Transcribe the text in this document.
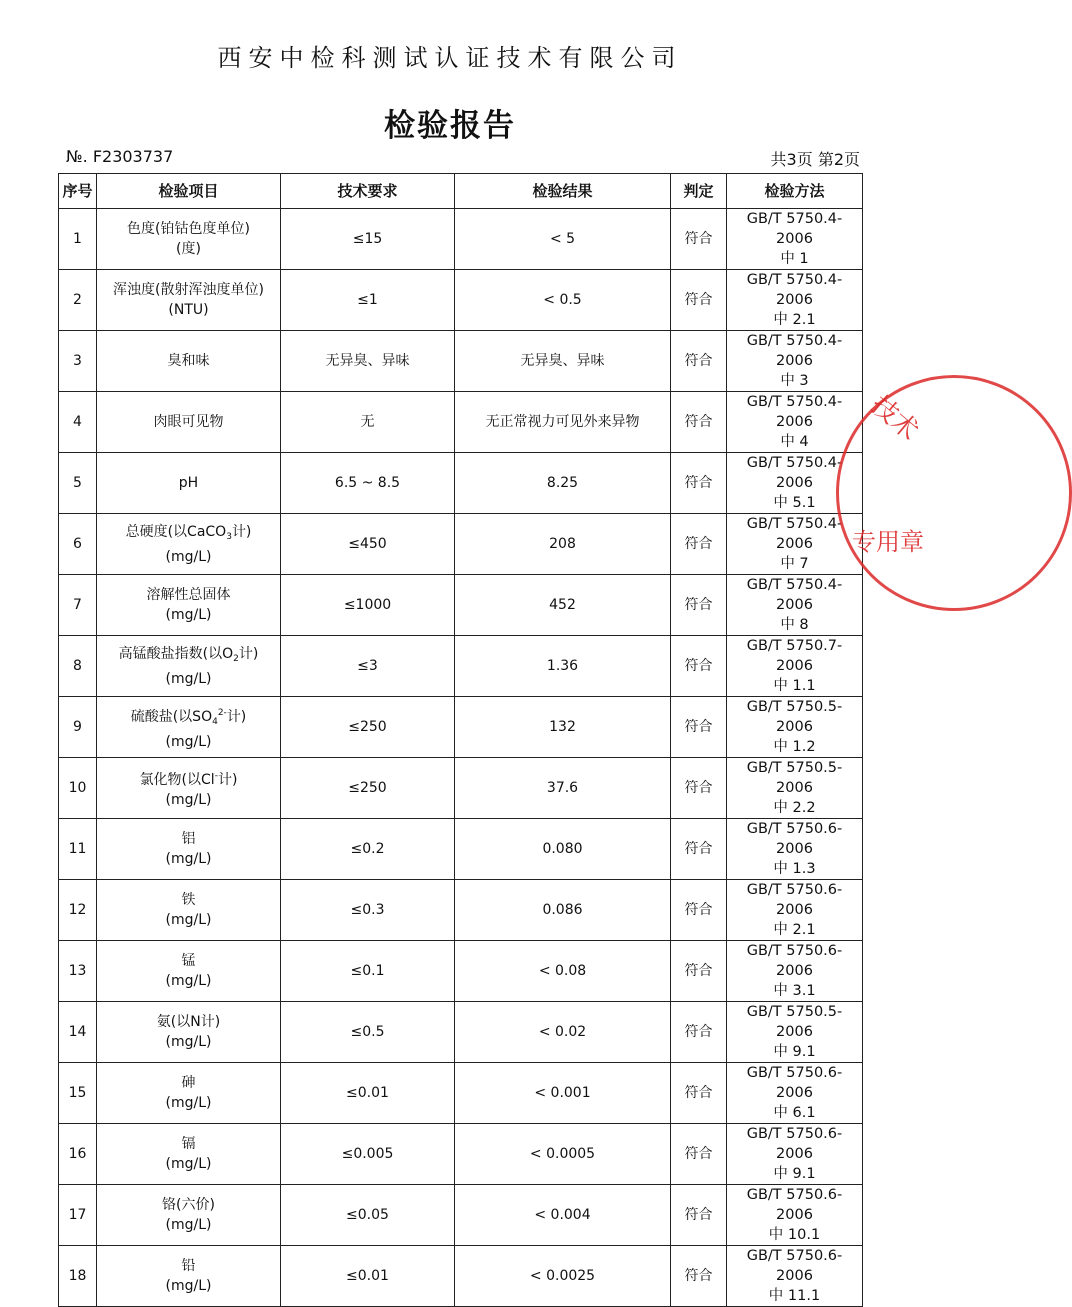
西安中检科测试认证技术有限公司
检验报告
№. F2303737	共3页 第2页
序号	检验项目	技术要求	检验结果	判定	检验方法
1	色度(铂钴色度单位)
(度)	≤15	< 5	符合	GB/T 5750.4-2006
中 1

2	浑浊度(散射浑浊度单位)
(NTU)	≤1	< 0.5	符合	GB/T 5750.4-2006
中 2.1

3	臭和味	无异臭、异味	无异臭、异味	符合	GB/T 5750.4-2006
中 3

4	肉眼可见物	无	无正常视力可见外来异物	符合	GB/T 5750.4-2006
中 4

5	pH	6.5 ~ 8.5	8.25	符合	GB/T 5750.4-2006
中 5.1

6	总硬度(以CaCO$_3$计)
(mg/L)	≤450	208	符合	GB/T 5750.4-2006
中 7

7	溶解性总固体
(mg/L)	≤1000	452	符合	GB/T 5750.4-2006
中 8

8	高锰酸盐指数(以$O_2$计)
(mg/L)	≤3	1.36	符合	GB/T 5750.7-2006
中 1.1

9	硫酸盐(以$SO_4^{2-}$计)
(mg/L)	≤250	132	符合	GB/T 5750.5-2006
中 1.2

10	氯化物(以Cl-计)
(mg/L)	≤250	37.6	符合	GB/T 5750.5-2006
中 2.2

11	铝
(mg/L)	≤0.2	0.080	符合	GB/T 5750.6-2006
中 1.3

12	铁
(mg/L)	≤0.3	0.086	符合	GB/T 5750.6-2006
中 2.1

13	锰
(mg/L)	≤0.1	< 0.08	符合	GB/T 5750.6-2006
中 3.1

14	氨(以N计)
(mg/L)	≤0.5	< 0.02	符合	GB/T 5750.5-2006
中 9.1

15	砷
(mg/L)	≤0.01	< 0.001	符合	GB/T 5750.6-2006
中 6.1

16	镉
(mg/L)	≤0.005	< 0.0005	符合	GB/T 5750.6-2006
中 9.1

17	铬(六价)
(mg/L)	≤0.05	< 0.004	符合	GB/T 5750.6-2006
中 10.1

18	铅
(mg/L)	≤0.01	< 0.0025	符合	GB/T 5750.6-2006
中 11.1
技术
专用章
